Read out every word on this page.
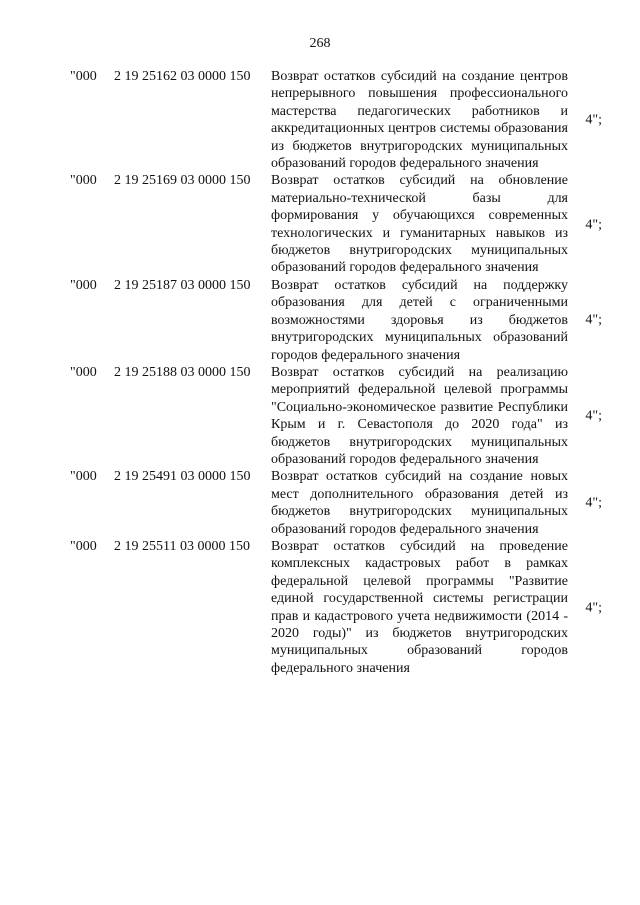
268
"000 2 19 25162 03 0000 150 Возврат остатков субсидий на создание центров непрерывного повышения профессионального мастерства педагогических работников и аккредитационных центров системы образования из бюджетов внутригородских муниципальных образований городов федерального значения
4";
"000 2 19 25169 03 0000 150 Возврат остатков субсидий на обновление материально-технической базы для формирования у обучающихся современных технологических и гуманитарных навыков из бюджетов внутригородских муниципальных образований городов федерального значения
4";
"000 2 19 25187 03 0000 150 Возврат остатков субсидий на поддержку образования для детей с ограниченными возможностями здоровья из бюджетов внутригородских муниципальных образований городов федерального значения
4";
"000 2 19 25188 03 0000 150 Возврат остатков субсидий на реализацию мероприятий федеральной целевой программы "Социально-экономическое развитие Республики Крым и г. Севастополя до 2020 года" из бюджетов внутригородских муниципальных образований городов федерального значения
4";
"000 2 19 25491 03 0000 150 Возврат остатков субсидий на создание новых мест дополнительного образования детей из бюджетов внутригородских муниципальных образований городов федерального значения
4";
"000 2 19 25511 03 0000 150 Возврат остатков субсидий на проведение комплексных кадастровых работ в рамках федеральной целевой программы "Развитие единой государственной системы регистрации прав и кадастрового учета недвижимости (2014 - 2020 годы)" из бюджетов внутригородских муниципальных образований городов федерального значения
4";
